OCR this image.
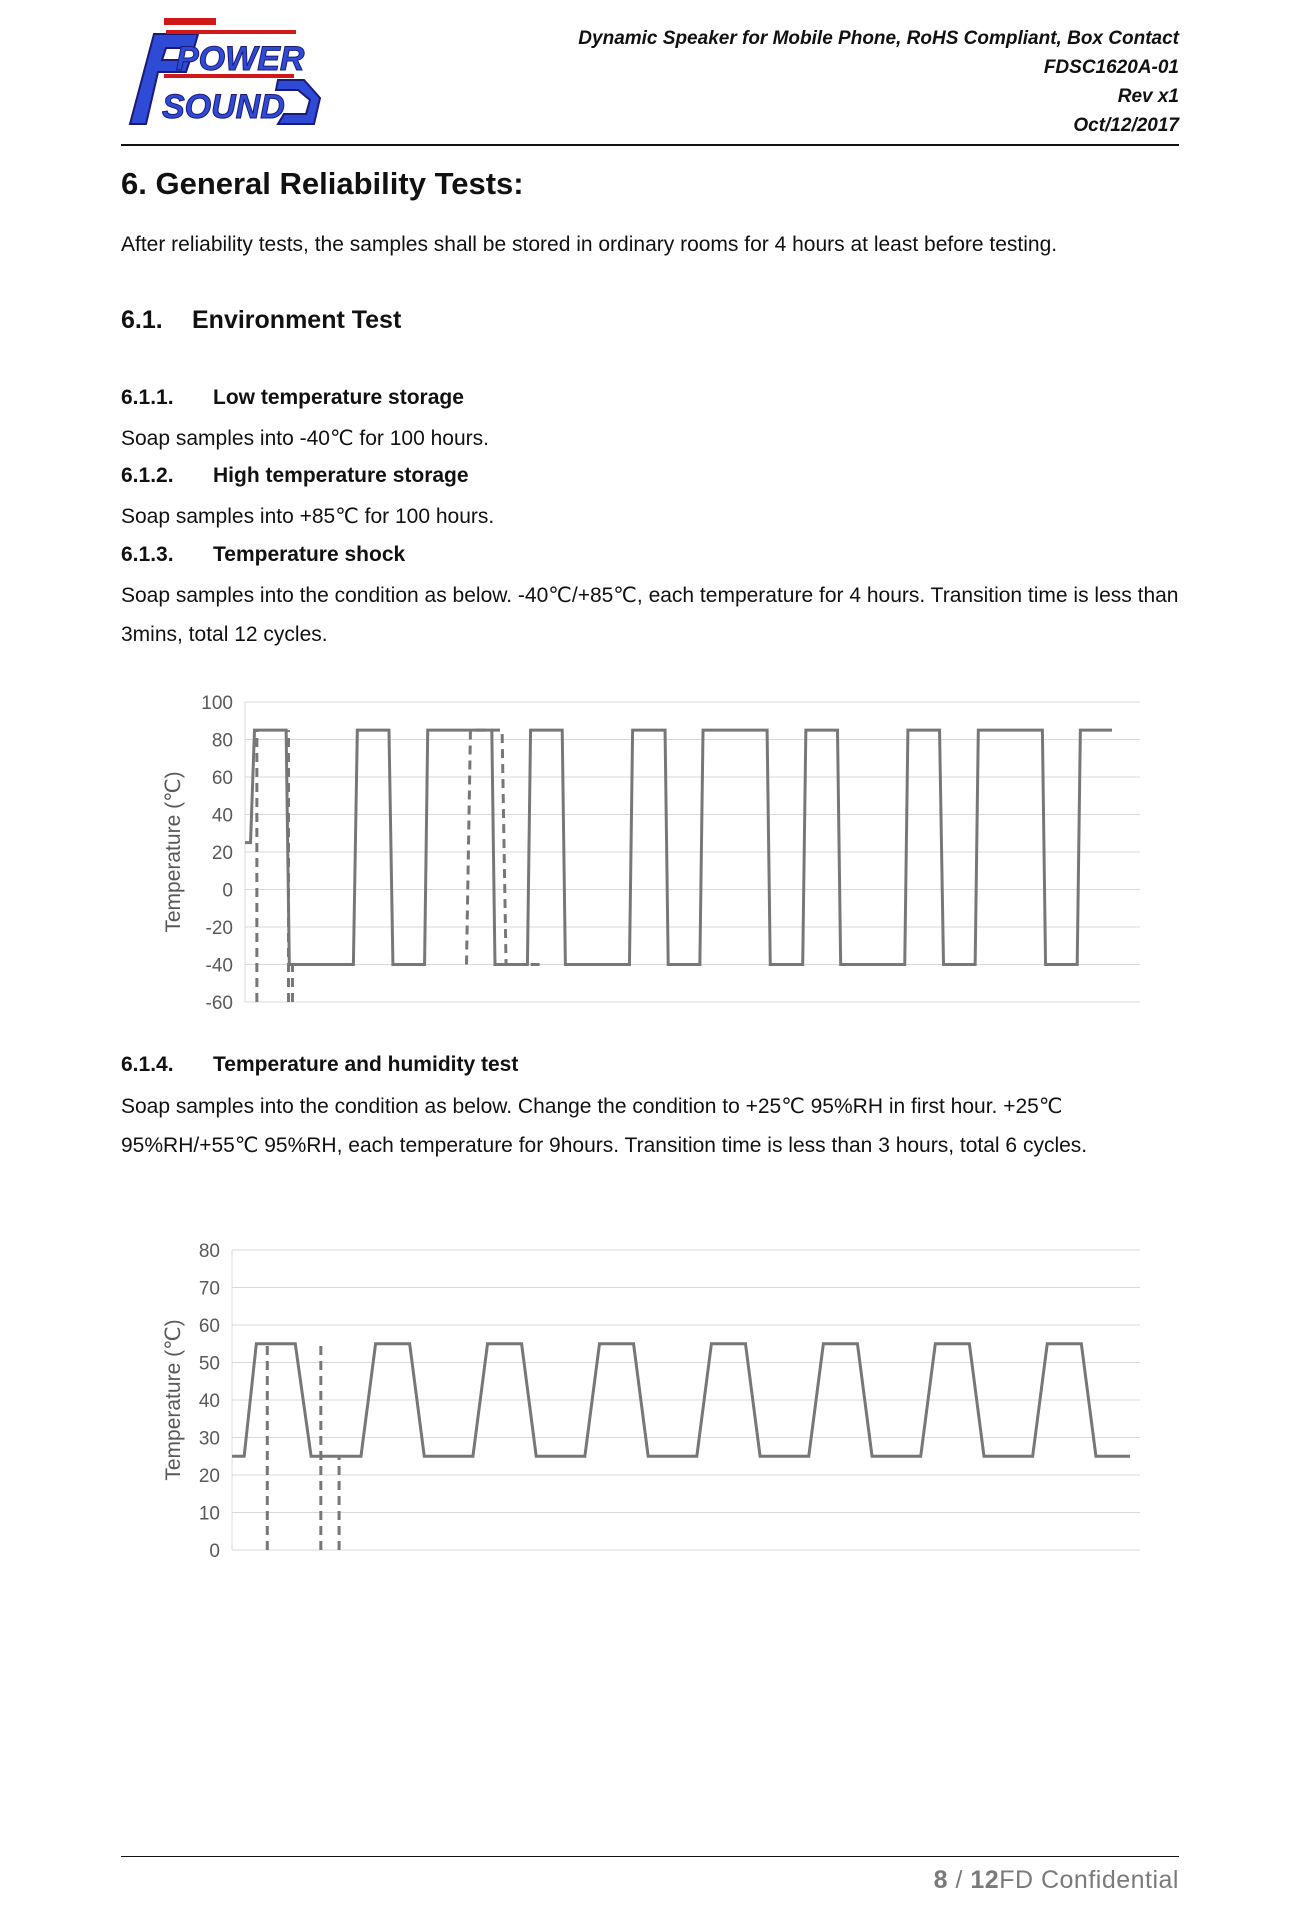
POWER
SOUND
Dynamic Speaker for Mobile Phone, RoHS Compliant, Box Contact
FDSC1620A-01
Rev x1
Oct/12/2017
6. General Reliability Tests:
After reliability tests, the samples shall be stored in ordinary rooms for 4 hours at least before testing.
6.1. Environment Test
6.1.1. Low temperature storage
Soap samples into -40℃ for 100 hours.
6.1.2. High temperature storage
Soap samples into +85℃ for 100 hours.
6.1.3. Temperature shock
Soap samples into the condition as below. -40℃/+85℃, each temperature for 4 hours. Transition time is less than 3mins, total 12 cycles.
100
80
60
40
20
0
-20
-40
-60
Temperature (℃)
6.1.4. Temperature and humidity test
Soap samples into the condition as below. Change the condition to +25℃ 95%RH in first hour. +25℃ 95%RH/+55℃ 95%RH, each temperature for 9hours. Transition time is less than 3 hours, total 6 cycles.
80
70
60
50
40
30
20
10
0
Temperature (℃)
8 / 12FD Confidential
